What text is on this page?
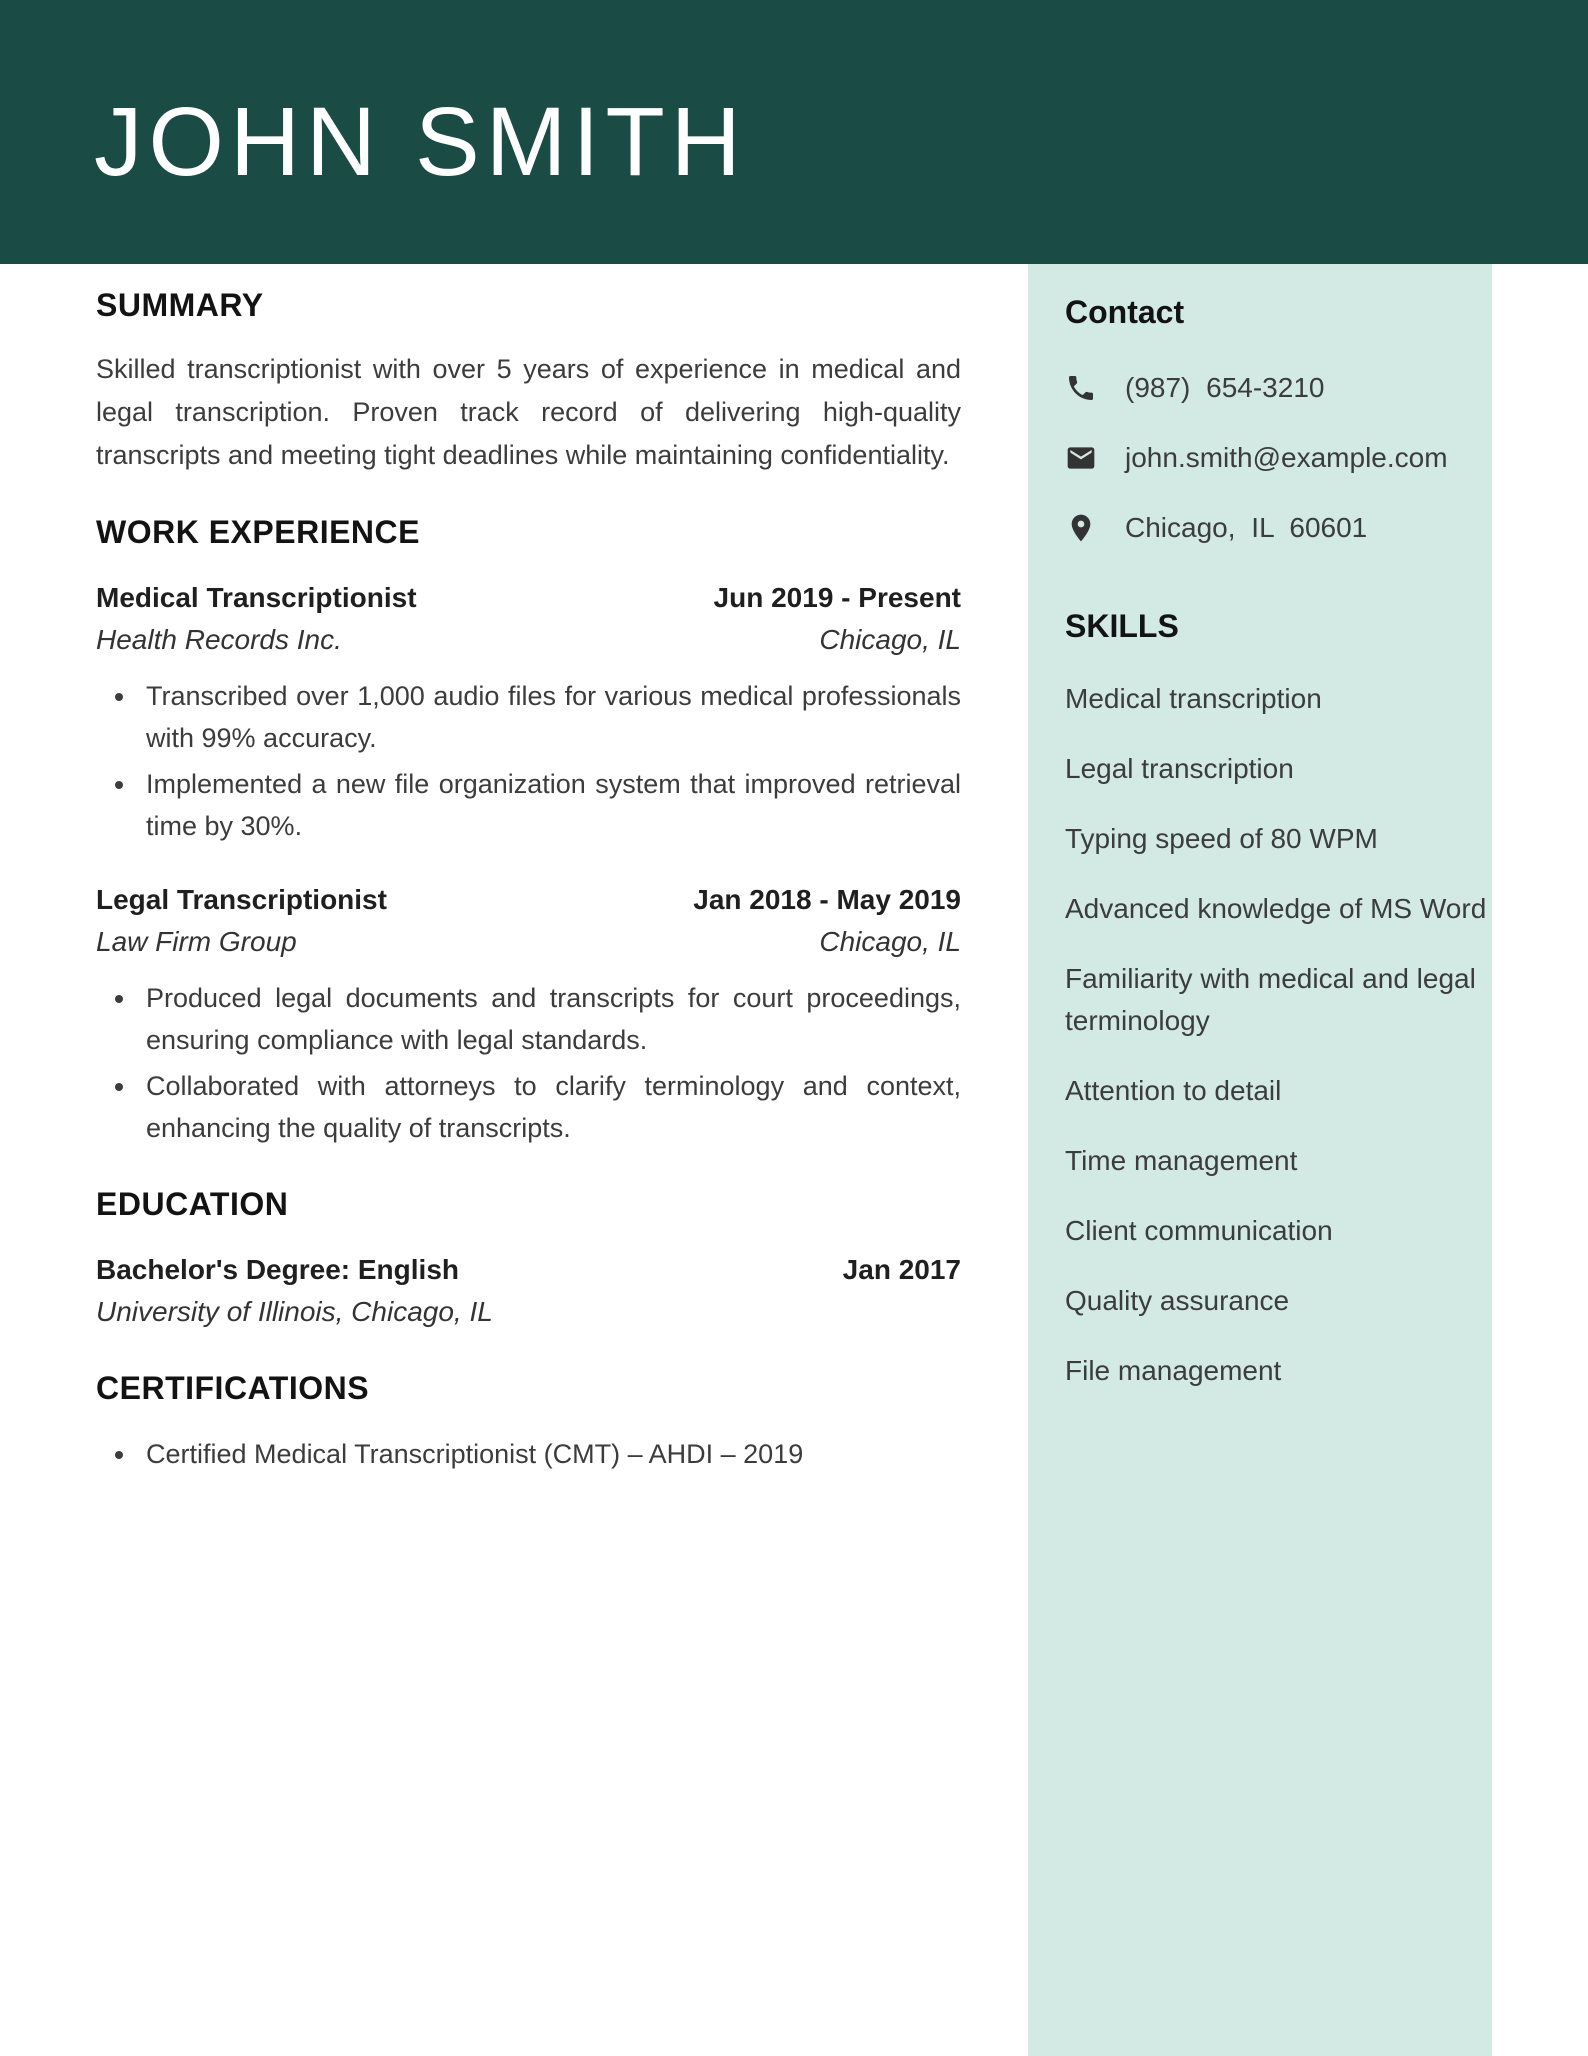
JOHN SMITH
SUMMARY

Skilled transcriptionist with over 5 years of experience in medical and legal transcription. Proven track record of delivering high-quality transcripts and meeting tight deadlines while maintaining confidentiality.

WORK EXPERIENCE
Medical Transcriptionist	Jun 2019 - Present
Health Records Inc.	Chicago, IL
• Transcribed over 1,000 audio files for various medical professionals with 99% accuracy.
• Implemented a new file organization system that improved retrieval time by 30%.
Legal Transcriptionist	Jan 2018 - May 2019
Law Firm Group	Chicago, IL
• Produced legal documents and transcripts for court proceedings, ensuring compliance with legal standards.
• Collaborated with attorneys to clarify terminology and context, enhancing the quality of transcripts.
EDUCATION
Bachelor's Degree: English	Jan 2017
University of Illinois, Chicago, IL
CERTIFICATIONS
• Certified Medical Transcriptionist (CMT) – AHDI – 2019
Contact
(987) 654-3210
john.smith@example.com
Chicago, IL 60601
SKILLS
Medical transcription
Legal transcription
Typing speed of 80 WPM
Advanced knowledge of MS Word
Familiarity with medical and legal terminology
Attention to detail
Time management
Client communication
Quality assurance
File management
